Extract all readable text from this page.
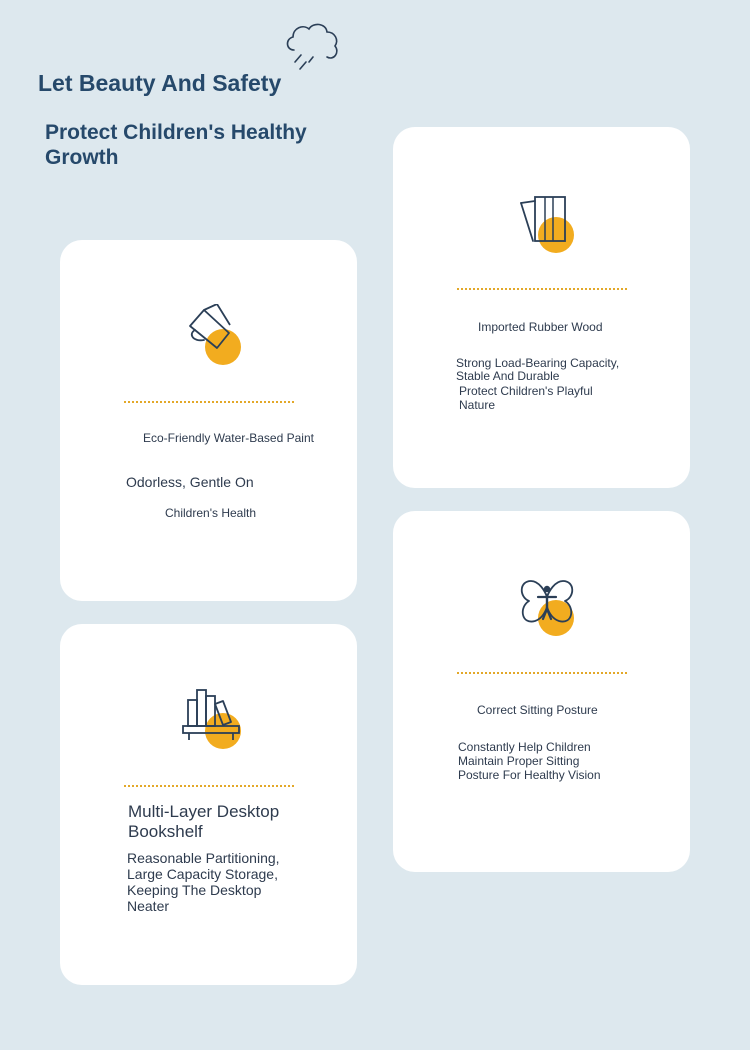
Let Beauty And Safety
Protect Children's Healthy Growth
Eco-Friendly Water-Based Paint
Odorless, Gentle On
Children's Health
Imported Rubber Wood
Strong Load-Bearing Capacity, Stable And Durable
Protect Children's Playful Nature
Multi-Layer Desktop Bookshelf
Reasonable Partitioning, Large Capacity Storage, Keeping The Desktop Neater
Correct Sitting Posture
Constantly Help Children Maintain Proper Sitting Posture For Healthy Vision
